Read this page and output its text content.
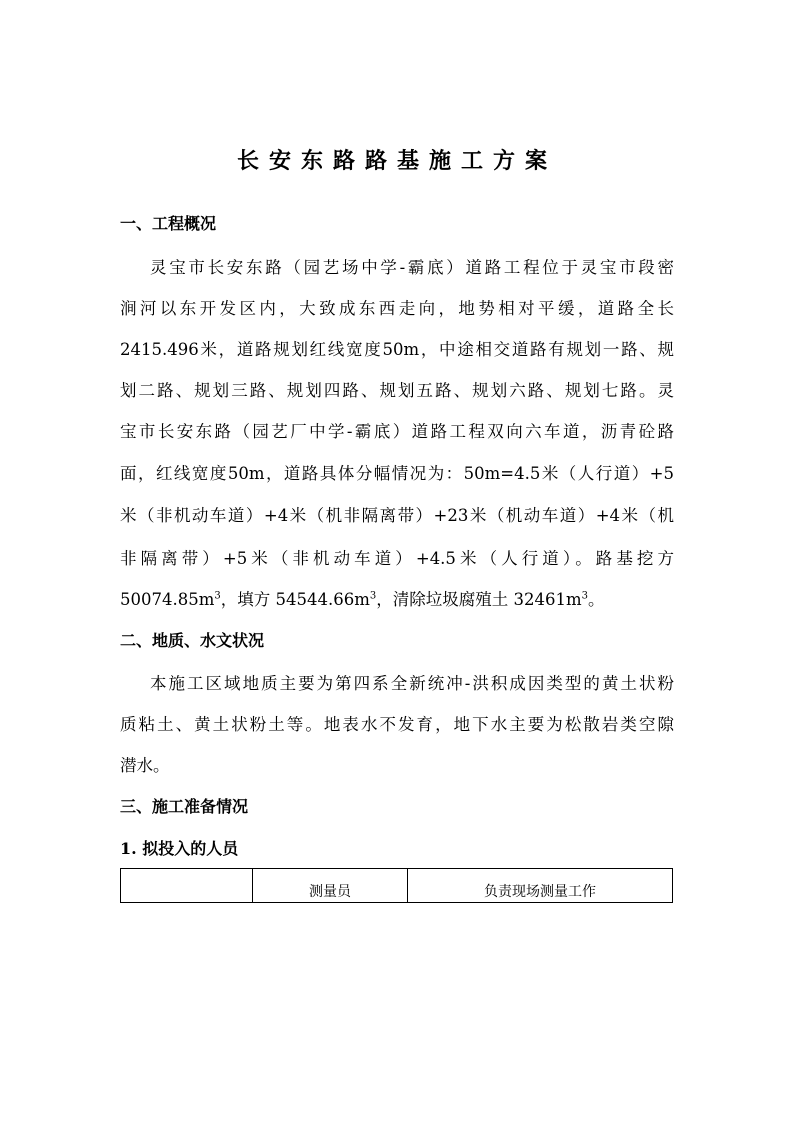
长安东路路基施工方案
一、工程概况
灵宝市长安东路（园艺场中学-霸底）道路工程位于灵宝市段密
涧河以东开发区内，大致成东西走向，地势相对平缓，道路全长
2415.496米，道路规划红线宽度50m，中途相交道路有规划一路、规
划二路、规划三路、规划四路、规划五路、规划六路、规划七路。灵
宝市长安东路（园艺厂中学-霸底）道路工程双向六车道，沥青砼路
面，红线宽度50m，道路具体分幅情况为：50m=4.5米（人行道）+5
米（非机动车道）+4米（机非隔离带）+23米（机动车道）+4米（机
非隔离带）+5米（非机动车道）+4.5米（人行道）。路基挖方
$50074.85m^3$，填方 $54544.66m^3$，清除垃圾腐殖土 $32461m^3$。
二、地质、水文状况
本施工区域地质主要为第四系全新统冲-洪积成因类型的黄土状粉
质粘土、黄土状粉土等。地表水不发育，地下水主要为松散岩类空隙
潜水。
三、施工准备情况
1. 拟投入的人员
	测量员	负责现场测量工作
